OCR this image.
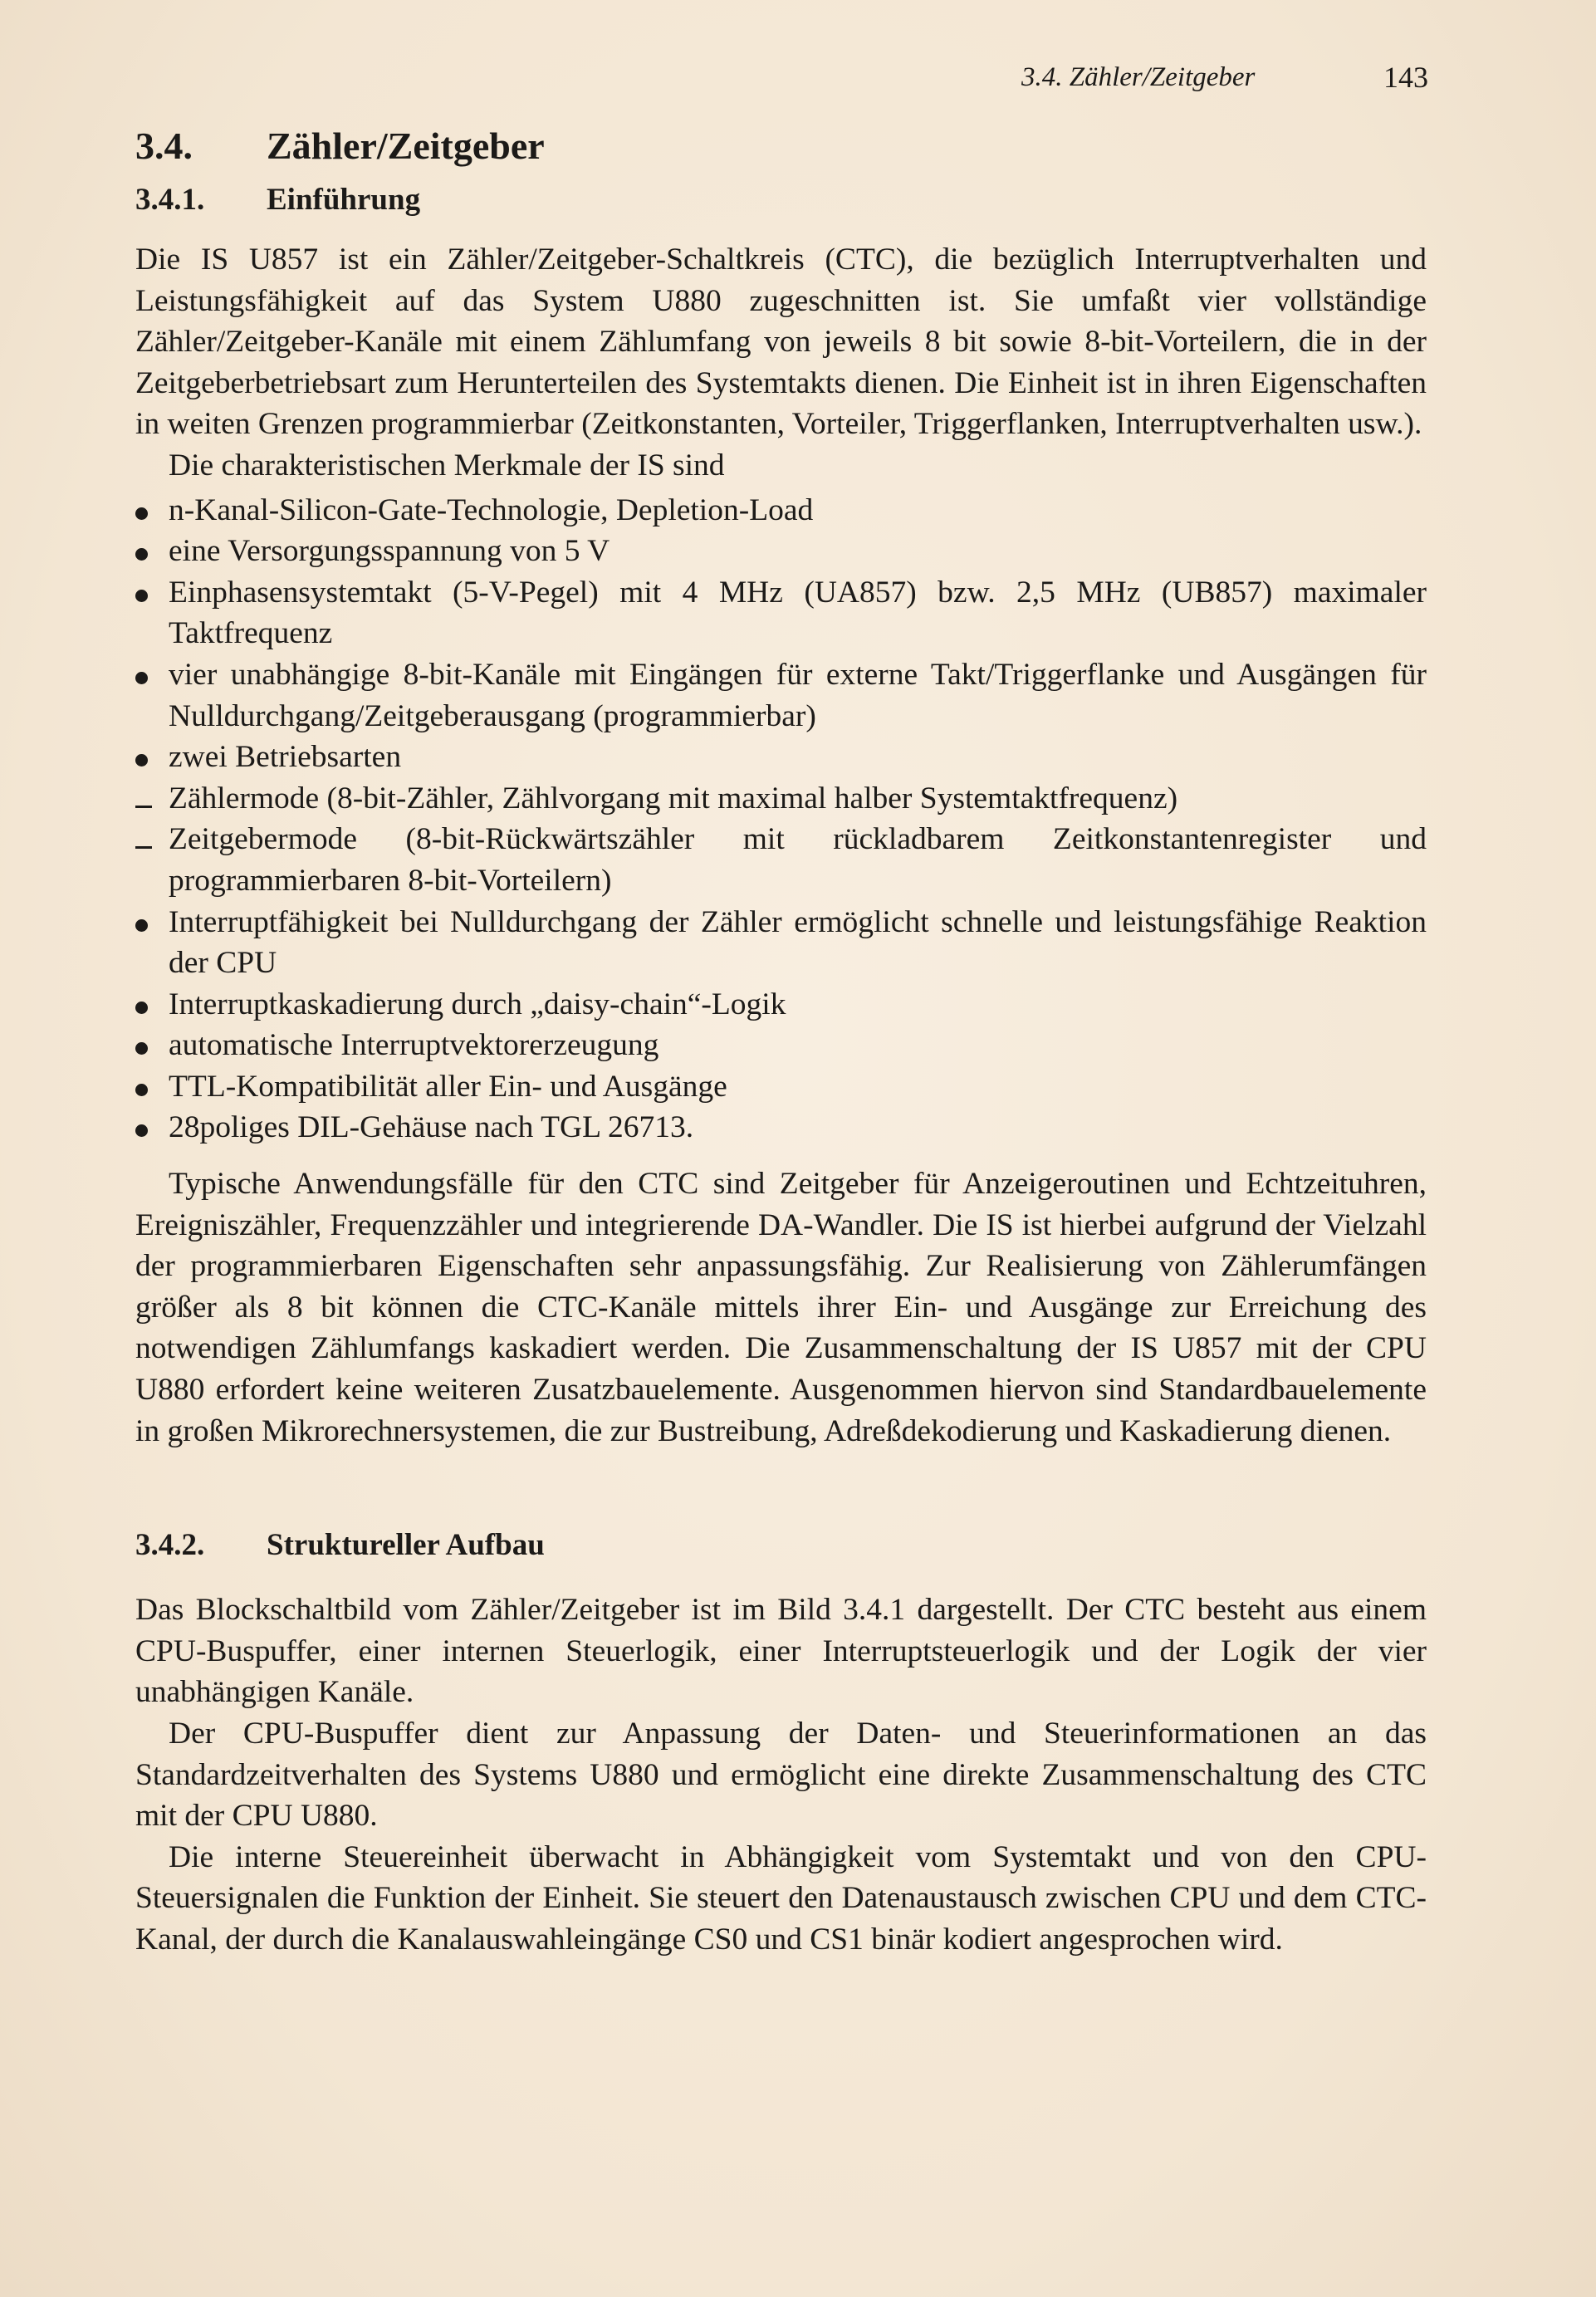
3.4. Zähler/Zeitgeber	143
3.4. Zähler/Zeitgeber
3.4.1. Einführung

Die IS U857 ist ein Zähler/Zeitgeber-Schaltkreis (CTC), die bezüglich Interruptverhalten und Leistungsfähigkeit auf das System U880 zugeschnitten ist. Sie umfaßt vier vollständige Zähler/Zeitgeber-Kanäle mit einem Zählumfang von jeweils 8 bit sowie 8-bit-Vorteilern, die in der Zeitgeberbetriebsart zum Herunterteilen des Systemtakts dienen. Die Einheit ist in ihren Eigenschaften in weiten Grenzen programmierbar (Zeitkonstanten, Vorteiler, Triggerflanken, Interruptverhalten usw.).

Die charakteristischen Merkmale der IS sind

n-Kanal-Silicon-Gate-Technologie, Depletion-Load
eine Versorgungsspannung von 5 V
Einphasensystemtakt (5-V-Pegel) mit 4 MHz (UA857) bzw. 2,5 MHz (UB857) maximaler Taktfrequenz
vier unabhängige 8-bit-Kanäle mit Eingängen für externe Takt/Triggerflanke und Ausgängen für Nulldurchgang/Zeitgeberausgang (programmierbar)
zwei Betriebsarten
Zählermode (8-bit-Zähler, Zählvorgang mit maximal halber Systemtaktfrequenz)
Zeitgebermode (8-bit-Rückwärtszähler mit rückladbarem Zeitkonstantenregister und programmierbaren 8-bit-Vorteilern)
Interruptfähigkeit bei Nulldurchgang der Zähler ermöglicht schnelle und leistungsfähige Reaktion der CPU
Interruptkaskadierung durch „daisy-chain“-Logik
automatische Interruptvektorerzeugung
TTL-Kompatibilität aller Ein- und Ausgänge
28poliges DIL-Gehäuse nach TGL 26713.

Typische Anwendungsfälle für den CTC sind Zeitgeber für Anzeigeroutinen und Echtzeituhren, Ereigniszähler, Frequenzzähler und integrierende DA-Wandler. Die IS ist hierbei aufgrund der Vielzahl der programmierbaren Eigenschaften sehr anpassungsfähig. Zur Realisierung von Zählerumfängen größer als 8 bit können die CTC-Kanäle mittels ihrer Ein- und Ausgänge zur Erreichung des notwendigen Zählumfangs kaskadiert werden. Die Zusammenschaltung der IS U857 mit der CPU U880 erfordert keine weiteren Zusatzbauelemente. Ausgenommen hiervon sind Standardbauelemente in großen Mikrorechnersystemen, die zur Bustreibung, Adreßdekodierung und Kaskadierung dienen.

3.4.2. Struktureller Aufbau

Das Blockschaltbild vom Zähler/Zeitgeber ist im Bild 3.4.1 dargestellt. Der CTC besteht aus einem CPU-Buspuffer, einer internen Steuerlogik, einer Interruptsteuerlogik und der Logik der vier unabhängigen Kanäle.

Der CPU-Buspuffer dient zur Anpassung der Daten- und Steuerinformationen an das Standardzeitverhalten des Systems U880 und ermöglicht eine direkte Zusammenschaltung des CTC mit der CPU U880.

Die interne Steuereinheit überwacht in Abhängigkeit vom Systemtakt und von den CPU-Steuersignalen die Funktion der Einheit. Sie steuert den Datenaustausch zwischen CPU und dem CTC-Kanal, der durch die Kanalauswahleingänge CS0 und CS1 binär kodiert angesprochen wird.
